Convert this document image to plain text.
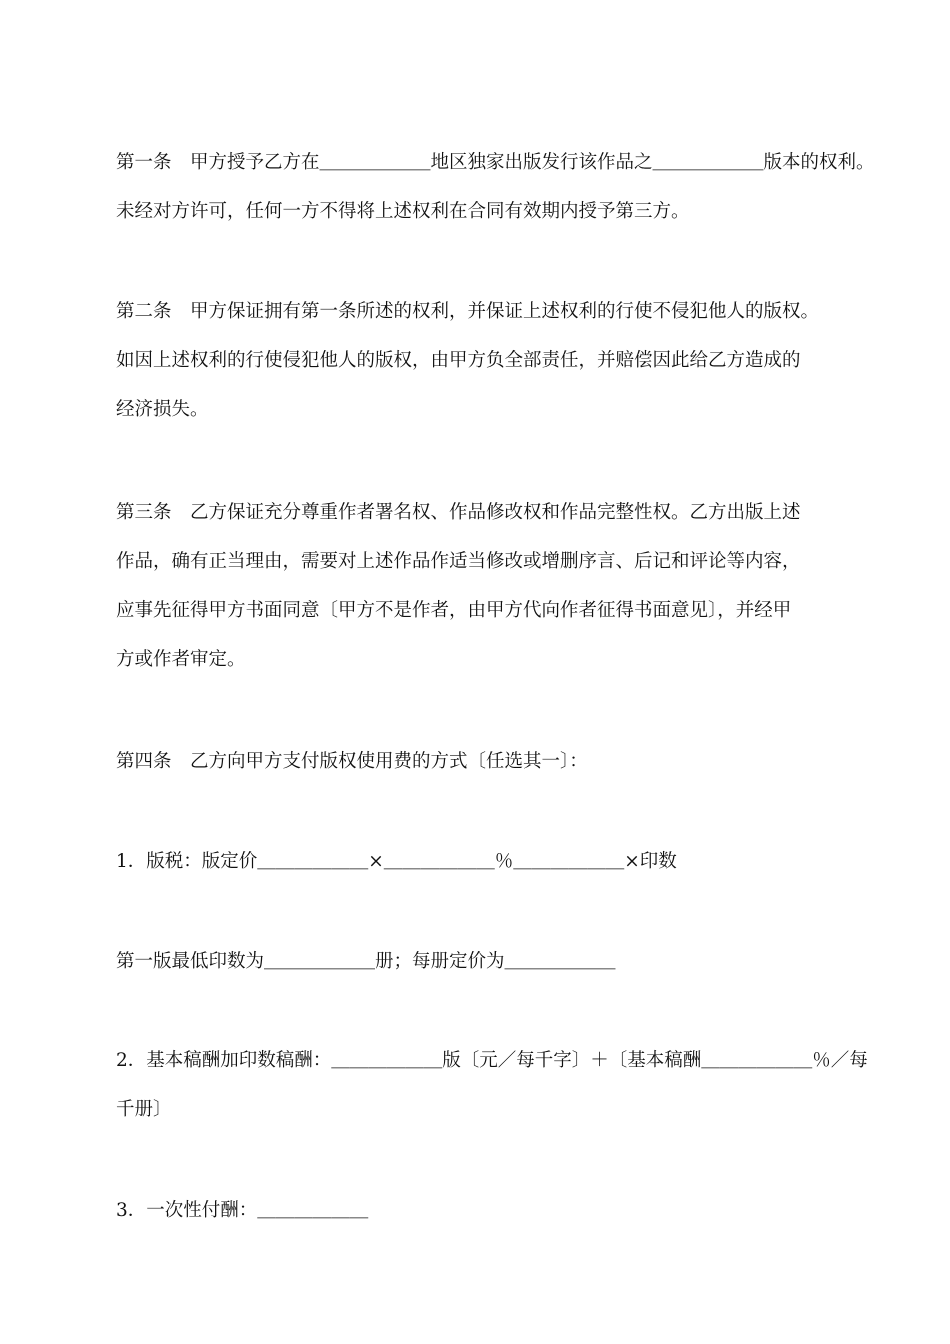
第一条　甲方授予乙方在＿＿＿＿＿＿地区独家出版发行该作品之＿＿＿＿＿＿版本的权利。
未经对方许可，任何一方不得将上述权利在合同有效期内授予第三方。
第二条　甲方保证拥有第一条所述的权利，并保证上述权利的行使不侵犯他人的版权。
如因上述权利的行使侵犯他人的版权，由甲方负全部责任，并赔偿因此给乙方造成的
经济损失。
第三条　乙方保证充分尊重作者署名权、作品修改权和作品完整性权。乙方出版上述
作品，确有正当理由，需要对上述作品作适当修改或增删序言、后记和评论等内容，
应事先征得甲方书面同意〔甲方不是作者，由甲方代向作者征得书面意见〕，并经甲
方或作者审定。
第四条　乙方向甲方支付版权使用费的方式〔任选其一〕：
1．版税：版定价＿＿＿＿＿＿×＿＿＿＿＿＿％＿＿＿＿＿＿×印数
第一版最低印数为＿＿＿＿＿＿册；每册定价为＿＿＿＿＿＿
2．基本稿酬加印数稿酬：＿＿＿＿＿＿版〔元／每千字〕＋〔基本稿酬＿＿＿＿＿＿％／每
千册〕
3．一次性付酬：＿＿＿＿＿＿
